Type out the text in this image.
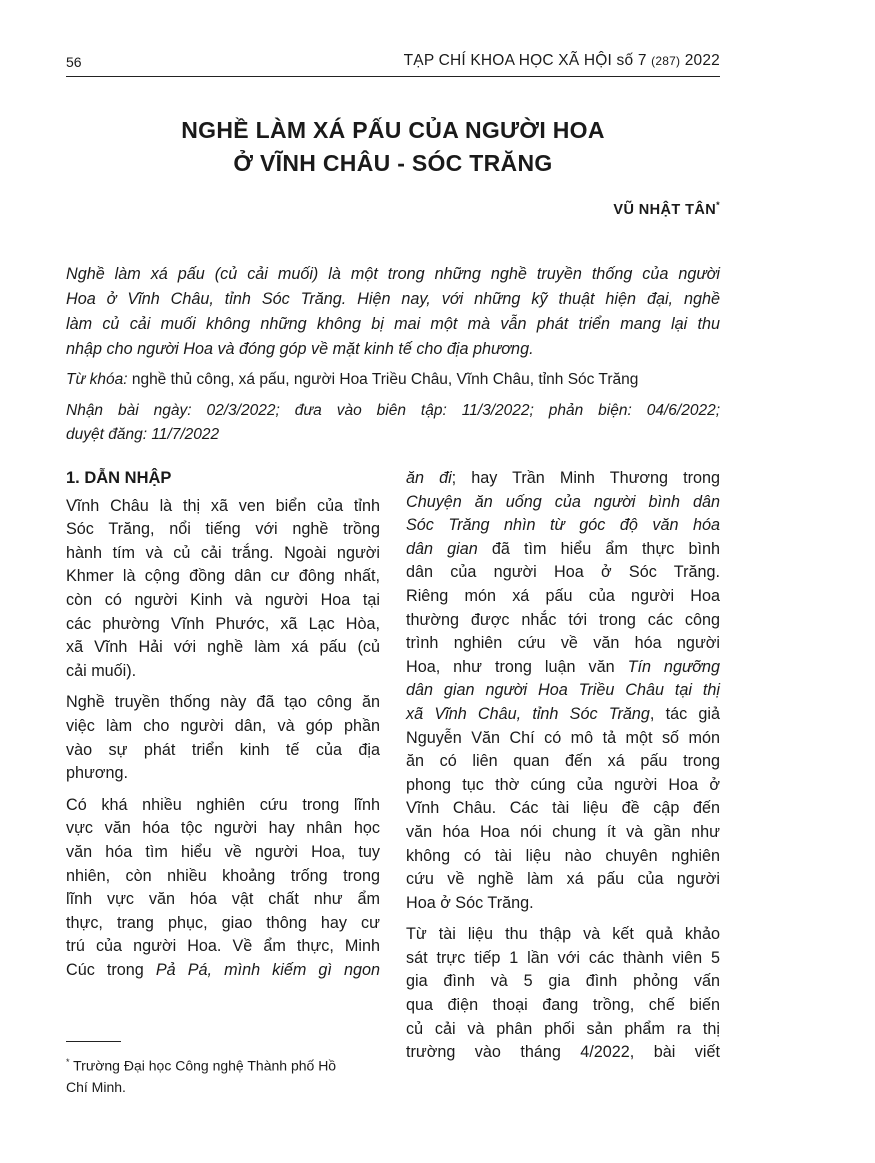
56	TẠP CHÍ KHOA HỌC XÃ HỘI số 7 (287) 2022
NGHỀ LÀM XÁ PẤU CỦA NGƯỜI HOA
Ở VĨNH CHÂU - SÓC TRĂNG
VŨ NHẬT TÂN*
Nghề làm xá pấu (củ cải muối) là một trong những nghề truyền thống của người
Hoa ở Vĩnh Châu, tỉnh Sóc Trăng. Hiện nay, với những kỹ thuật hiện đại, nghề
làm củ cải muối không những không bị mai một mà vẫn phát triển mang lại thu
nhập cho người Hoa và đóng góp về mặt kinh tế cho địa phương.
Từ khóa: nghề thủ công, xá pấu, người Hoa Triều Châu, Vĩnh Châu, tỉnh Sóc Trăng
Nhận bài ngày: 02/3/2022; đưa vào biên tập: 11/3/2022; phản biện: 04/6/2022;
duyệt đăng: 11/7/2022
1. DẪN NHẬP
Vĩnh Châu là thị xã ven biển của tỉnh
Sóc Trăng, nổi tiếng với nghề trồng
hành tím và củ cải trắng. Ngoài người
Khmer là cộng đồng dân cư đông nhất,
còn có người Kinh và người Hoa tại
các phường Vĩnh Phước, xã Lạc Hòa,
xã Vĩnh Hải với nghề làm xá pấu (củ
cải muối).
Nghề truyền thống này đã tạo công ăn
việc làm cho người dân, và góp phần
vào sự phát triển kinh tế của địa
phương.
Có khá nhiều nghiên cứu trong lĩnh
vực văn hóa tộc người hay nhân học
văn hóa tìm hiểu về người Hoa, tuy
nhiên, còn nhiều khoảng trống trong
lĩnh vực văn hóa vật chất như ẩm
thực, trang phục, giao thông hay cư
trú của người Hoa. Về ẩm thực, Minh
Cúc trong Pả Pá, mình kiếm gì ngon
ăn đi; hay Trần Minh Thương trong
Chuyện ăn uống của người bình dân
Sóc Trăng nhìn từ góc độ văn hóa
dân gian đã tìm hiểu ẩm thực bình
dân của người Hoa ở Sóc Trăng.
Riêng món xá pấu của người Hoa
thường được nhắc tới trong các công
trình nghiên cứu về văn hóa người
Hoa, như trong luận văn Tín ngưỡng
dân gian người Hoa Triều Châu tại thị
xã Vĩnh Châu, tỉnh Sóc Trăng, tác giả
Nguyễn Văn Chí có mô tả một số món
ăn có liên quan đến xá pấu trong
phong tục thờ cúng của người Hoa ở
Vĩnh Châu. Các tài liệu đề cập đến
văn hóa Hoa nói chung ít và gần như
không có tài liệu nào chuyên nghiên
cứu về nghề làm xá pấu của người
Hoa ở Sóc Trăng.
Từ tài liệu thu thập và kết quả khảo
sát trực tiếp 1 lần với các thành viên 5
gia đình và 5 gia đình phỏng vấn
qua điện thoại đang trồng, chế biến
củ cải và phân phối sản phẩm ra thị
trường vào tháng 4/2022, bài viết
* Trường Đại học Công nghệ Thành phố Hồ
Chí Minh.
